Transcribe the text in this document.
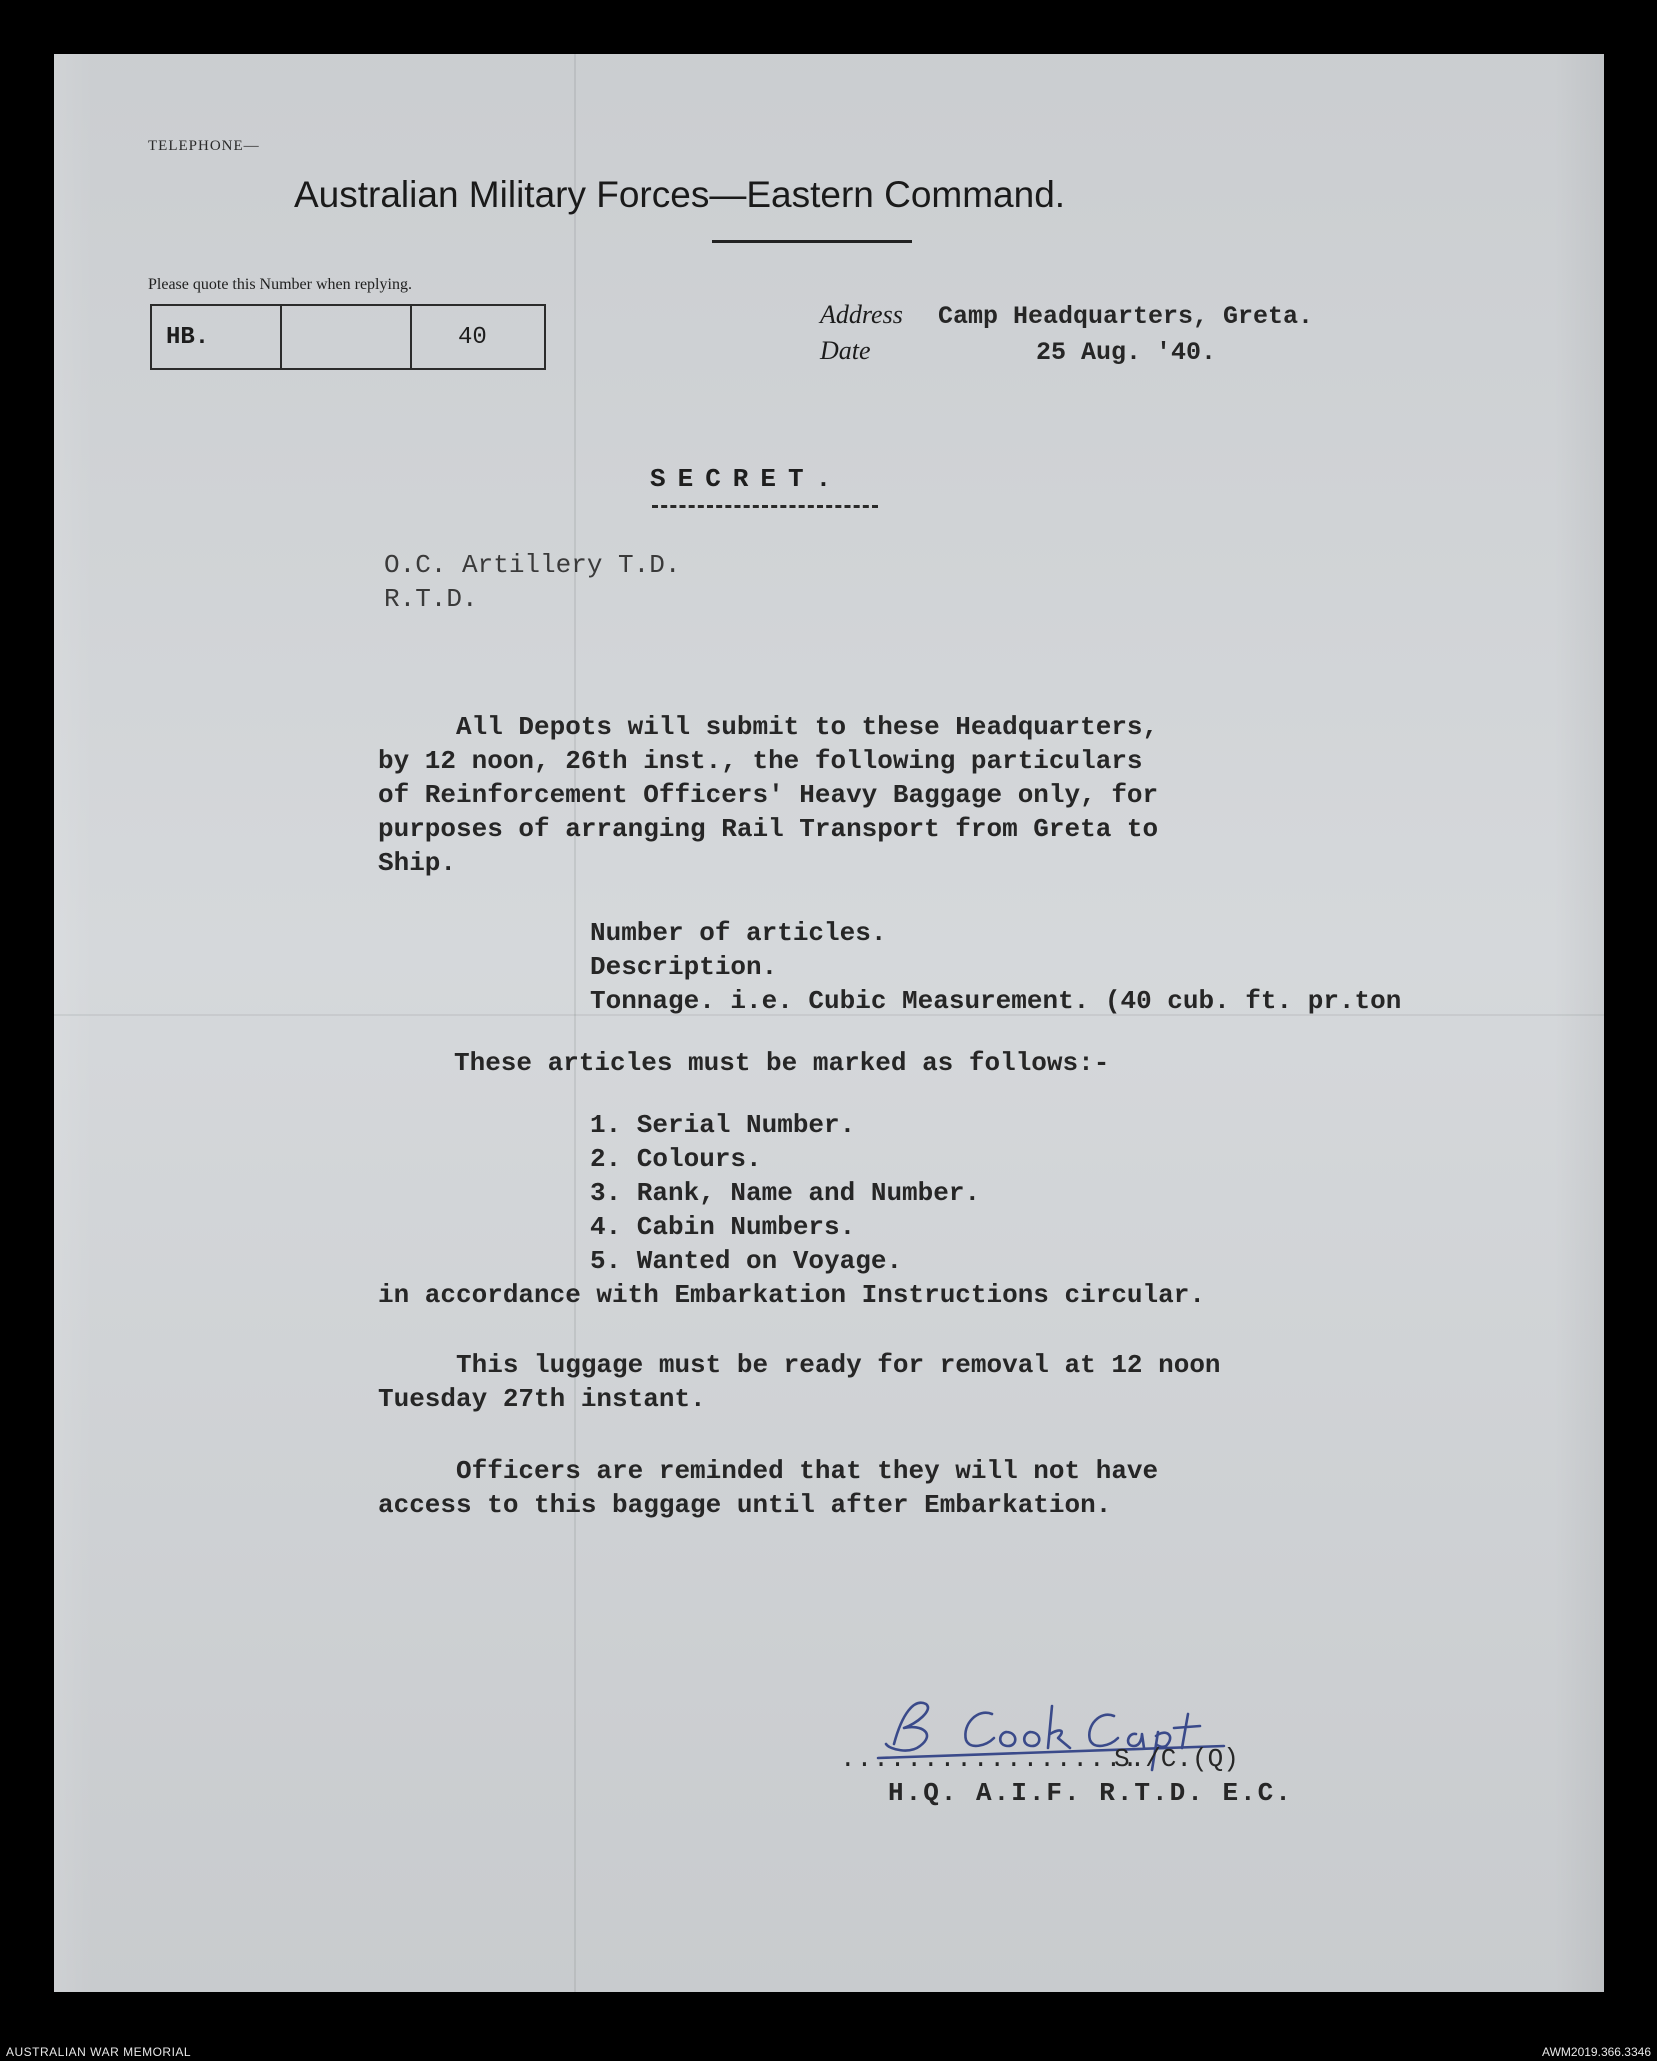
TELEPHONE—
Australian Military Forces—Eastern Command.
Please quote this Number when replying.
HB.	40
Address Camp Headquarters, Greta.
Date	25 Aug. '40.
SECRET.
O.C. Artillery T.D.
R.T.D.
All Depots will submit to these Headquarters,
by 12 noon, 26th inst., the following particulars
of Reinforcement Officers' Heavy Baggage only, for
purposes of arranging Rail Transport from Greta to
Ship.
Number of articles.
Description.
Tonnage. i.e. Cubic Measurement. (40 cub. ft. pr.ton
These articles must be marked as follows:-
1. Serial Number.
2. Colours.
3. Rank, Name and Number.
4. Cabin Numbers.
5. Wanted on Voyage.
in accordance with Embarkation Instructions circular.
This luggage must be ready for removal at 12 noon
Tuesday 27th instant.
Officers are reminded that they will not have
access to this baggage until after Embarkation.
..................
S./C.(Q)
H.Q. A.I.F. R.T.D. E.C.
AUSTRALIAN WAR MEMORIAL	AWM2019.366.3346
